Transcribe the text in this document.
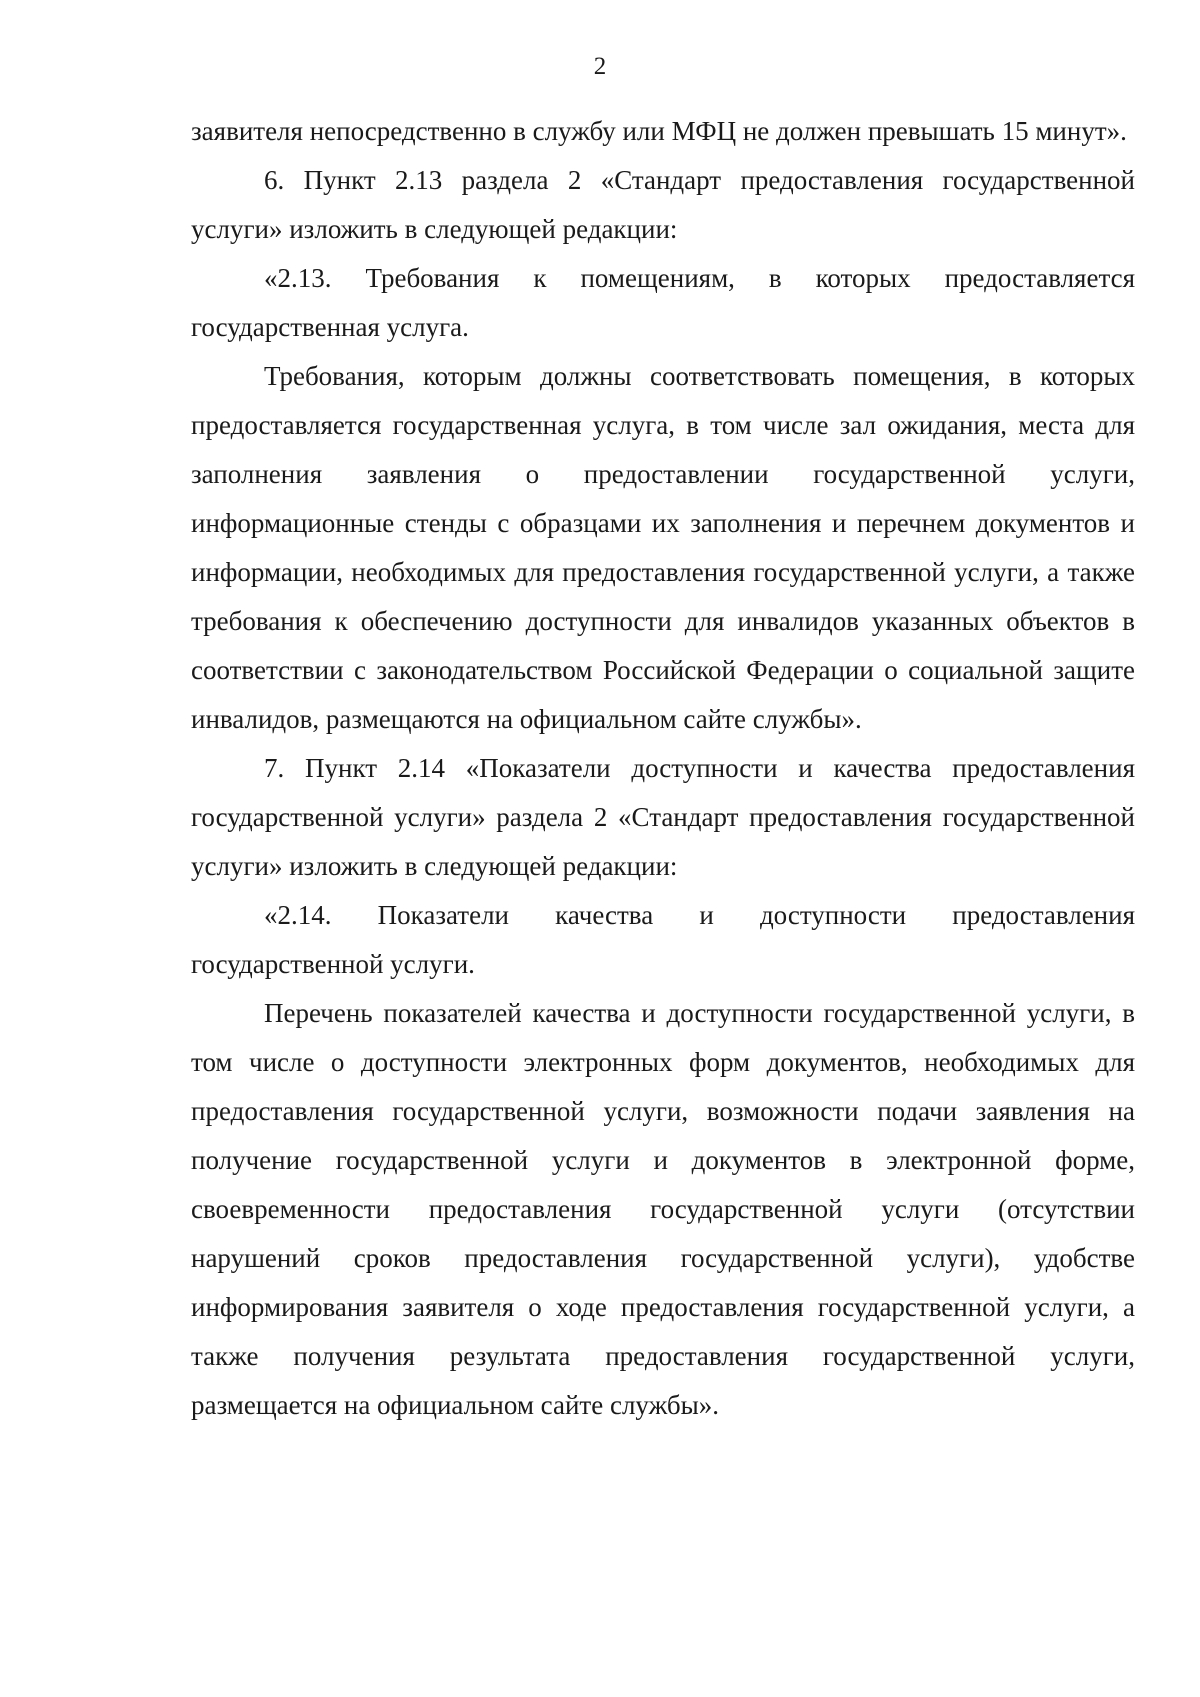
2

заявителя непосредственно в службу или МФЦ не должен превышать 15 минут».

6. Пункт 2.13 раздела 2 «Стандарт предоставления государственной услуги» изложить в следующей редакции:

«2.13. Требования к помещениям, в которых предоставляется государственная услуга.

Требования, которым должны соответствовать помещения, в которых предоставляется государственная услуга, в том числе зал ожидания, места для заполнения заявления о предоставлении государственной услуги, информационные стенды с образцами их заполнения и перечнем документов и информации, необходимых для предоставления государственной услуги, а также требования к обеспечению доступности для инвалидов указанных объектов в соответствии с законодательством Российской Федерации о социальной защите инвалидов, размещаются на официальном сайте службы».

7. Пункт 2.14 «Показатели доступности и качества предоставления государственной услуги» раздела 2 «Стандарт предоставления государственной услуги» изложить в следующей редакции:

«2.14. Показатели качества и доступности предоставления государственной услуги.

Перечень показателей качества и доступности государственной услуги, в том числе о доступности электронных форм документов, необходимых для предоставления государственной услуги, возможности подачи заявления на получение государственной услуги и документов в электронной форме, своевременности предоставления государственной услуги (отсутствии нарушений сроков предоставления государственной услуги), удобстве информирования заявителя о ходе предоставления государственной услуги, а также получения результата предоставления государственной услуги, размещается на официальном сайте службы».
